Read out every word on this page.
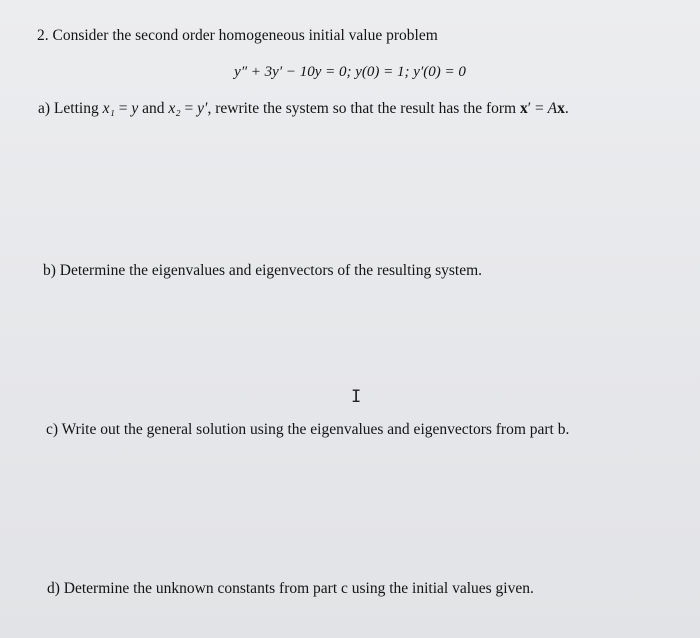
2. Consider the second order homogeneous initial value problem
y″ + 3y′ − 10y = 0; y(0) = 1; y′(0) = 0
a) Letting x₁ = y and x₂ = y′, rewrite the system so that the result has the form x′ = Ax.
b) Determine the eigenvalues and eigenvectors of the resulting system.
I
c) Write out the general solution using the eigenvalues and eigenvectors from part b.
d) Determine the unknown constants from part c using the initial values given.
